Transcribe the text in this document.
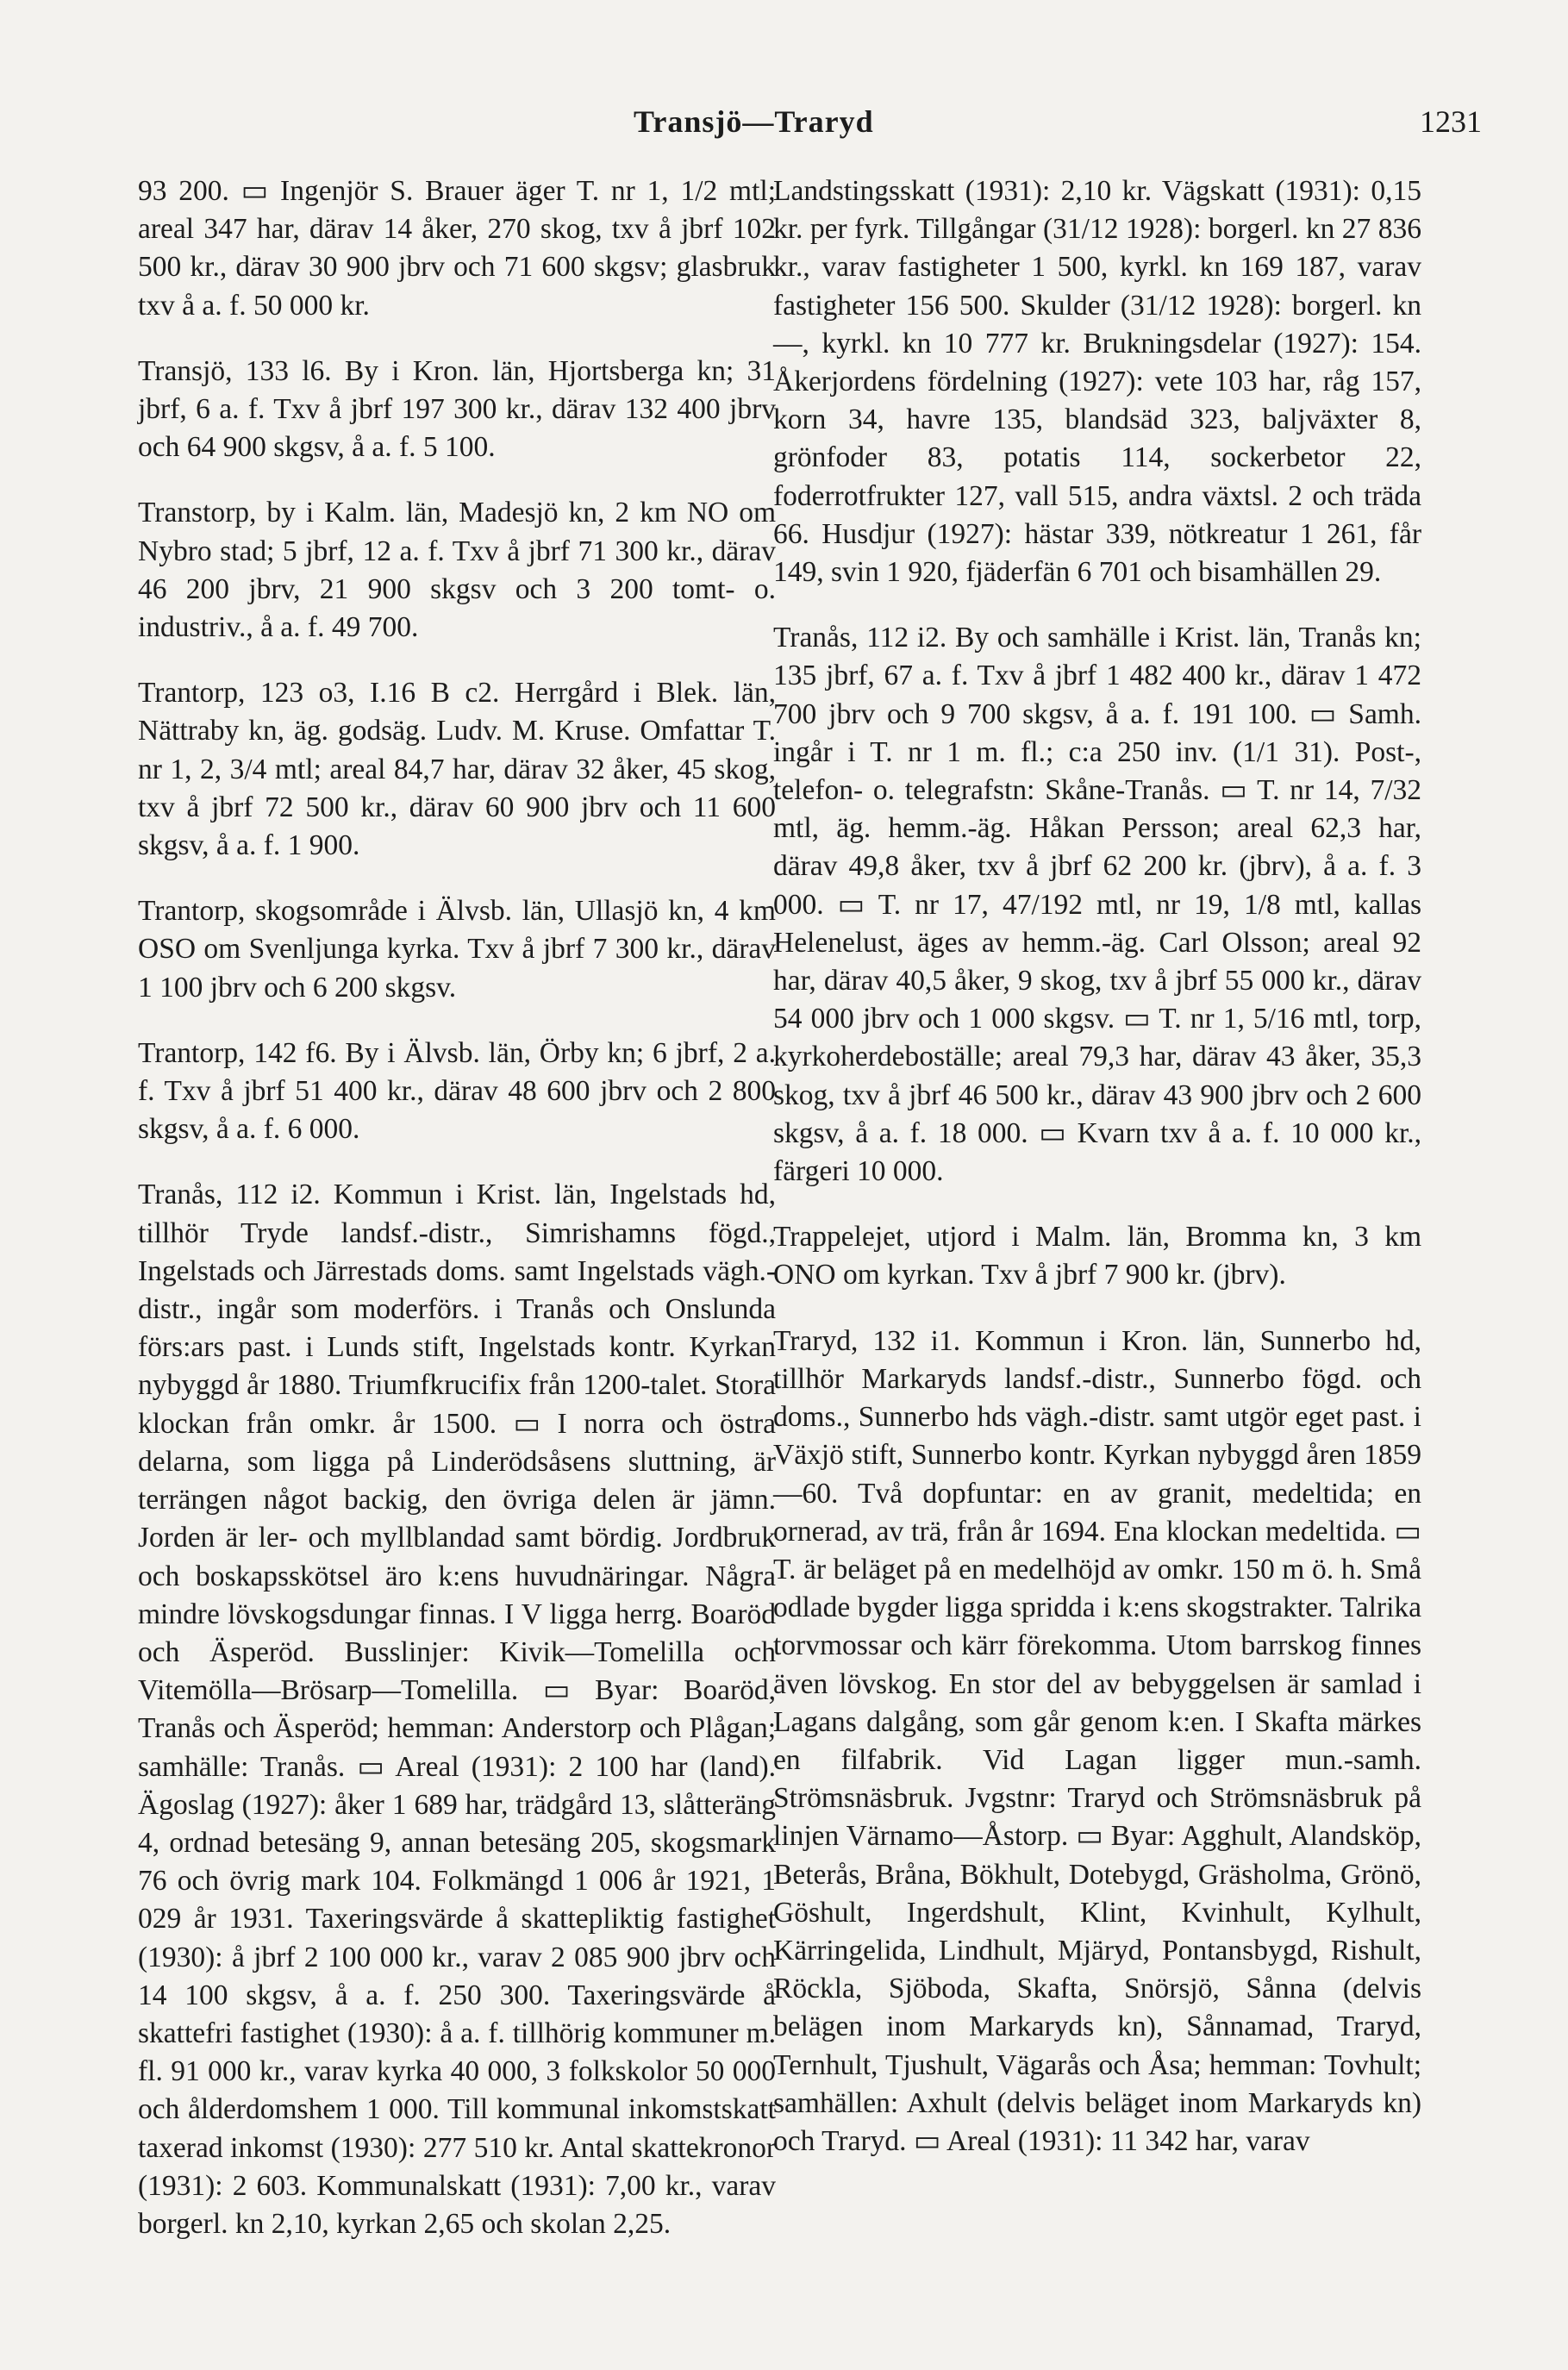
Transjö—Traryd	1231

93 200. ▭ Ingenjör S. Brauer äger T. nr 1, 1/2 mtl; areal 347 har, därav 14 åker, 270 skog, txv å jbrf 102 500 kr., därav 30 900 jbrv och 71 600 skgsv; glasbruk txv å a. f. 50 000 kr.

Transjö, 133 l6. By i Kron. län, Hjortsberga kn; 31 jbrf, 6 a. f. Txv å jbrf 197 300 kr., därav 132 400 jbrv och 64 900 skgsv, å a. f. 5 100.

Transtorp, by i Kalm. län, Madesjö kn, 2 km NO om Nybro stad; 5 jbrf, 12 a. f. Txv å jbrf 71 300 kr., därav 46 200 jbrv, 21 900 skgsv och 3 200 tomt- o. industriv., å a. f. 49 700.

Trantorp, 123 o3, I.16 B c2. Herrgård i Blek. län, Nättraby kn, äg. godsäg. Ludv. M. Kruse. Omfattar T. nr 1, 2, 3/4 mtl; areal 84,7 har, därav 32 åker, 45 skog, txv å jbrf 72 500 kr., därav 60 900 jbrv och 11 600 skgsv, å a. f. 1 900.

Trantorp, skogsområde i Älvsb. län, Ullasjö kn, 4 km OSO om Svenljunga kyrka. Txv å jbrf 7 300 kr., därav 1 100 jbrv och 6 200 skgsv.

Trantorp, 142 f6. By i Älvsb. län, Örby kn; 6 jbrf, 2 a. f. Txv å jbrf 51 400 kr., därav 48 600 jbrv och 2 800 skgsv, å a. f. 6 000.

Tranås, 112 i2. Kommun i Krist. län, Ingelstads hd, tillhör Tryde landsf.-distr., Simrishamns fögd., Ingelstads och Järrestads doms. samt Ingelstads vägh.-distr., ingår som moderförs. i Tranås och Onslunda förs:ars past. i Lunds stift, Ingelstads kontr. Kyrkan nybyggd år 1880. Triumfkrucifix från 1200-talet. Stora klockan från omkr. år 1500. ▭ I norra och östra delarna, som ligga på Linderödsåsens sluttning, är terrängen något backig, den övriga delen är jämn. Jorden är ler- och myllblandad samt bördig. Jordbruk och boskapsskötsel äro k:ens huvudnäringar. Några mindre lövskogsdungar finnas. I V ligga herrg. Boaröd och Äsperöd. Busslinjer: Kivik—Tomelilla och Vitemölla—Brösarp—Tomelilla. ▭ Byar: Boaröd, Tranås och Äsperöd; hemman: Anderstorp och Plågan; samhälle: Tranås. ▭ Areal (1931): 2 100 har (land). Ägoslag (1927): åker 1 689 har, trädgård 13, slåtteräng 4, ordnad betesäng 9, annan betesäng 205, skogsmark 76 och övrig mark 104. Folkmängd 1 006 år 1921, 1 029 år 1931. Taxeringsvärde å skattepliktig fastighet (1930): å jbrf 2 100 000 kr., varav 2 085 900 jbrv och 14 100 skgsv, å a. f. 250 300. Taxeringsvärde å skattefri fastighet (1930): å a. f. tillhörig kommuner m. fl. 91 000 kr., varav kyrka 40 000, 3 folkskolor 50 000 och ålderdomshem 1 000. Till kommunal inkomstskatt taxerad inkomst (1930): 277 510 kr. Antal skattekronor (1931): 2 603. Kommunalskatt (1931): 7,00 kr., varav borgerl. kn 2,10, kyrkan 2,65 och skolan 2,25.

Landstingsskatt (1931): 2,10 kr. Vägskatt (1931): 0,15 kr. per fyrk. Tillgångar (31/12 1928): borgerl. kn 27 836 kr., varav fastigheter 1 500, kyrkl. kn 169 187, varav fastigheter 156 500. Skulder (31/12 1928): borgerl. kn —, kyrkl. kn 10 777 kr. Brukningsdelar (1927): 154. Åkerjordens fördelning (1927): vete 103 har, råg 157, korn 34, havre 135, blandsäd 323, baljväxter 8, grönfoder 83, potatis 114, sockerbetor 22, foderrotfrukter 127, vall 515, andra växtsl. 2 och träda 66. Husdjur (1927): hästar 339, nötkreatur 1 261, får 149, svin 1 920, fjäderfän 6 701 och bisamhällen 29.

Tranås, 112 i2. By och samhälle i Krist. län, Tranås kn; 135 jbrf, 67 a. f. Txv å jbrf 1 482 400 kr., därav 1 472 700 jbrv och 9 700 skgsv, å a. f. 191 100. ▭ Samh. ingår i T. nr 1 m. fl.; c:a 250 inv. (1/1 31). Post-, telefon- o. telegrafstn: Skåne-Tranås. ▭ T. nr 14, 7/32 mtl, äg. hemm.-äg. Håkan Persson; areal 62,3 har, därav 49,8 åker, txv å jbrf 62 200 kr. (jbrv), å a. f. 3 000. ▭ T. nr 17, 47/192 mtl, nr 19, 1/8 mtl, kallas Helenelust, äges av hemm.-äg. Carl Olsson; areal 92 har, därav 40,5 åker, 9 skog, txv å jbrf 55 000 kr., därav 54 000 jbrv och 1 000 skgsv. ▭ T. nr 1, 5/16 mtl, torp, kyrkoherdeboställe; areal 79,3 har, därav 43 åker, 35,3 skog, txv å jbrf 46 500 kr., därav 43 900 jbrv och 2 600 skgsv, å a. f. 18 000. ▭ Kvarn txv å a. f. 10 000 kr., färgeri 10 000.

Trappelejet, utjord i Malm. län, Bromma kn, 3 km ONO om kyrkan. Txv å jbrf 7 900 kr. (jbrv).

Traryd, 132 i1. Kommun i Kron. län, Sunnerbo hd, tillhör Markaryds landsf.-distr., Sunnerbo fögd. och doms., Sunnerbo hds vägh.-distr. samt utgör eget past. i Växjö stift, Sunnerbo kontr. Kyrkan nybyggd åren 1859—60. Två dopfuntar: en av granit, medeltida; en ornerad, av trä, från år 1694. Ena klockan medeltida. ▭ T. är beläget på en medelhöjd av omkr. 150 m ö. h. Små odlade bygder ligga spridda i k:ens skogstrakter. Talrika torvmossar och kärr förekomma. Utom barrskog finnes även lövskog. En stor del av bebyggelsen är samlad i Lagans dalgång, som går genom k:en. I Skafta märkes en filfabrik. Vid Lagan ligger mun.-samh. Strömsnäsbruk. Jvgstnr: Traryd och Strömsnäsbruk på linjen Värnamo—Åstorp. ▭ Byar: Agghult, Alandsköp, Beterås, Bråna, Bökhult, Dotebygd, Gräsholma, Grönö, Göshult, Ingerdshult, Klint, Kvinhult, Kylhult, Kärringelida, Lindhult, Mjäryd, Pontansbygd, Rishult, Röckla, Sjöboda, Skafta, Snörsjö, Sånna (delvis belägen inom Markaryds kn), Sånnamad, Traryd, Ternhult, Tjushult, Vägarås och Åsa; hemman: Tovhult; samhällen: Axhult (delvis beläget inom Markaryds kn) och Traryd. ▭ Areal (1931): 11 342 har, varav
